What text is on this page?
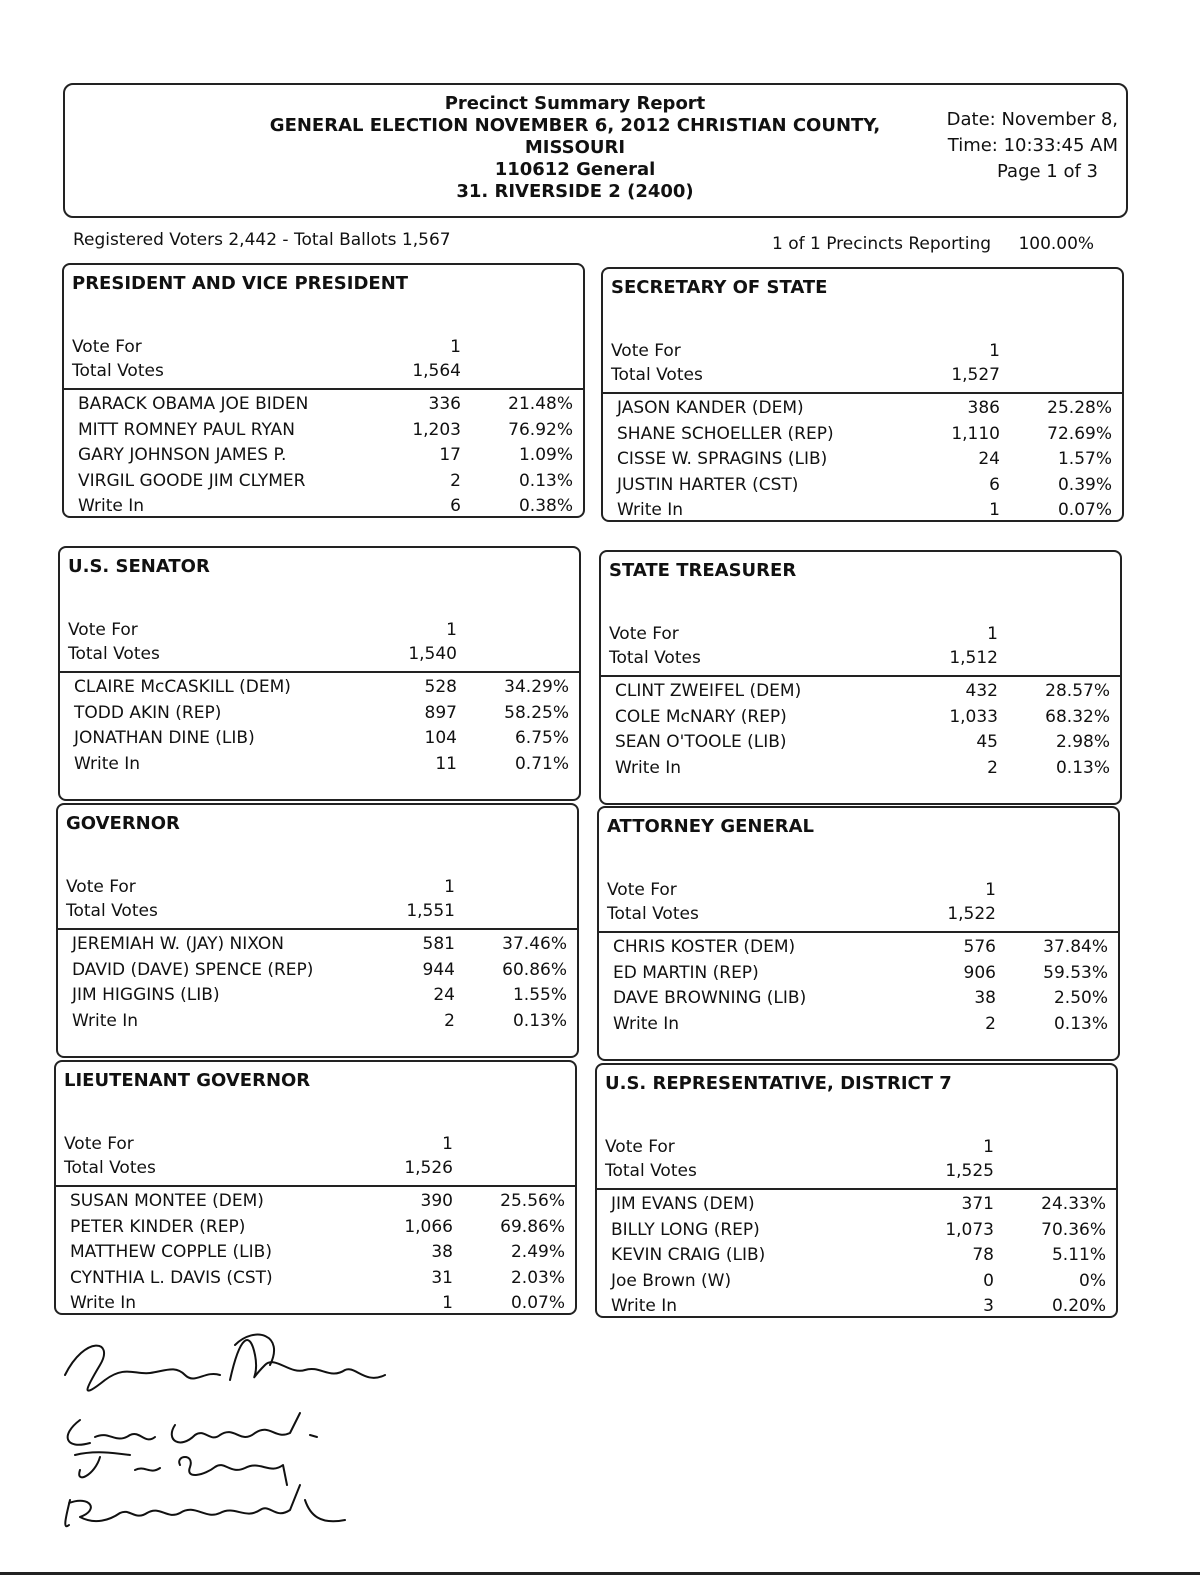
Precinct Summary Report
GENERAL ELECTION NOVEMBER 6, 2012 CHRISTIAN COUNTY,
MISSOURI
110612 General
31. RIVERSIDE 2 (2400)
Date: November 8,
Time: 10:33:45 AM
Page 1 of 3
Registered Voters 2,442 - Total Ballots 1,567	1 of 1 Precincts Reporting 100.00%
PRESIDENT AND VICE PRESIDENT
Vote For	1
Total Votes	1,564
BARACK OBAMA JOE BIDEN	336	21.48%
MITT ROMNEY PAUL RYAN	1,203	76.92%
GARY JOHNSON JAMES P.	17	1.09%
VIRGIL GOODE JIM CLYMER	2	0.13%
Write In	6	0.38%
SECRETARY OF STATE
Vote For	1
Total Votes	1,527
JASON KANDER (DEM)	386	25.28%
SHANE SCHOELLER (REP)	1,110	72.69%
CISSE W. SPRAGINS (LIB)	24	1.57%
JUSTIN HARTER (CST)	6	0.39%
Write In	1	0.07%
U.S. SENATOR
Vote For	1
Total Votes	1,540
CLAIRE McCASKILL (DEM)	528	34.29%
TODD AKIN (REP)	897	58.25%
JONATHAN DINE (LIB)	104	6.75%
Write In	11	0.71%
STATE TREASURER
Vote For	1
Total Votes	1,512
CLINT ZWEIFEL (DEM)	432	28.57%
COLE McNARY (REP)	1,033	68.32%
SEAN O'TOOLE (LIB)	45	2.98%
Write In	2	0.13%
GOVERNOR
Vote For	1
Total Votes	1,551
JEREMIAH W. (JAY) NIXON	581	37.46%
DAVID (DAVE) SPENCE (REP)	944	60.86%
JIM HIGGINS (LIB)	24	1.55%
Write In	2	0.13%
ATTORNEY GENERAL
Vote For	1
Total Votes	1,522
CHRIS KOSTER (DEM)	576	37.84%
ED MARTIN (REP)	906	59.53%
DAVE BROWNING (LIB)	38	2.50%
Write In	2	0.13%
LIEUTENANT GOVERNOR
Vote For	1
Total Votes	1,526
SUSAN MONTEE (DEM)	390	25.56%
PETER KINDER (REP)	1,066	69.86%
MATTHEW COPPLE (LIB)	38	2.49%
CYNTHIA L. DAVIS (CST)	31	2.03%
Write In	1	0.07%
U.S. REPRESENTATIVE, DISTRICT 7
Vote For	1
Total Votes	1,525
JIM EVANS (DEM)	371	24.33%
BILLY LONG (REP)	1,073	70.36%
KEVIN CRAIG (LIB)	78	5.11%
Joe Brown (W)	0	0%
Write In	3	0.20%
